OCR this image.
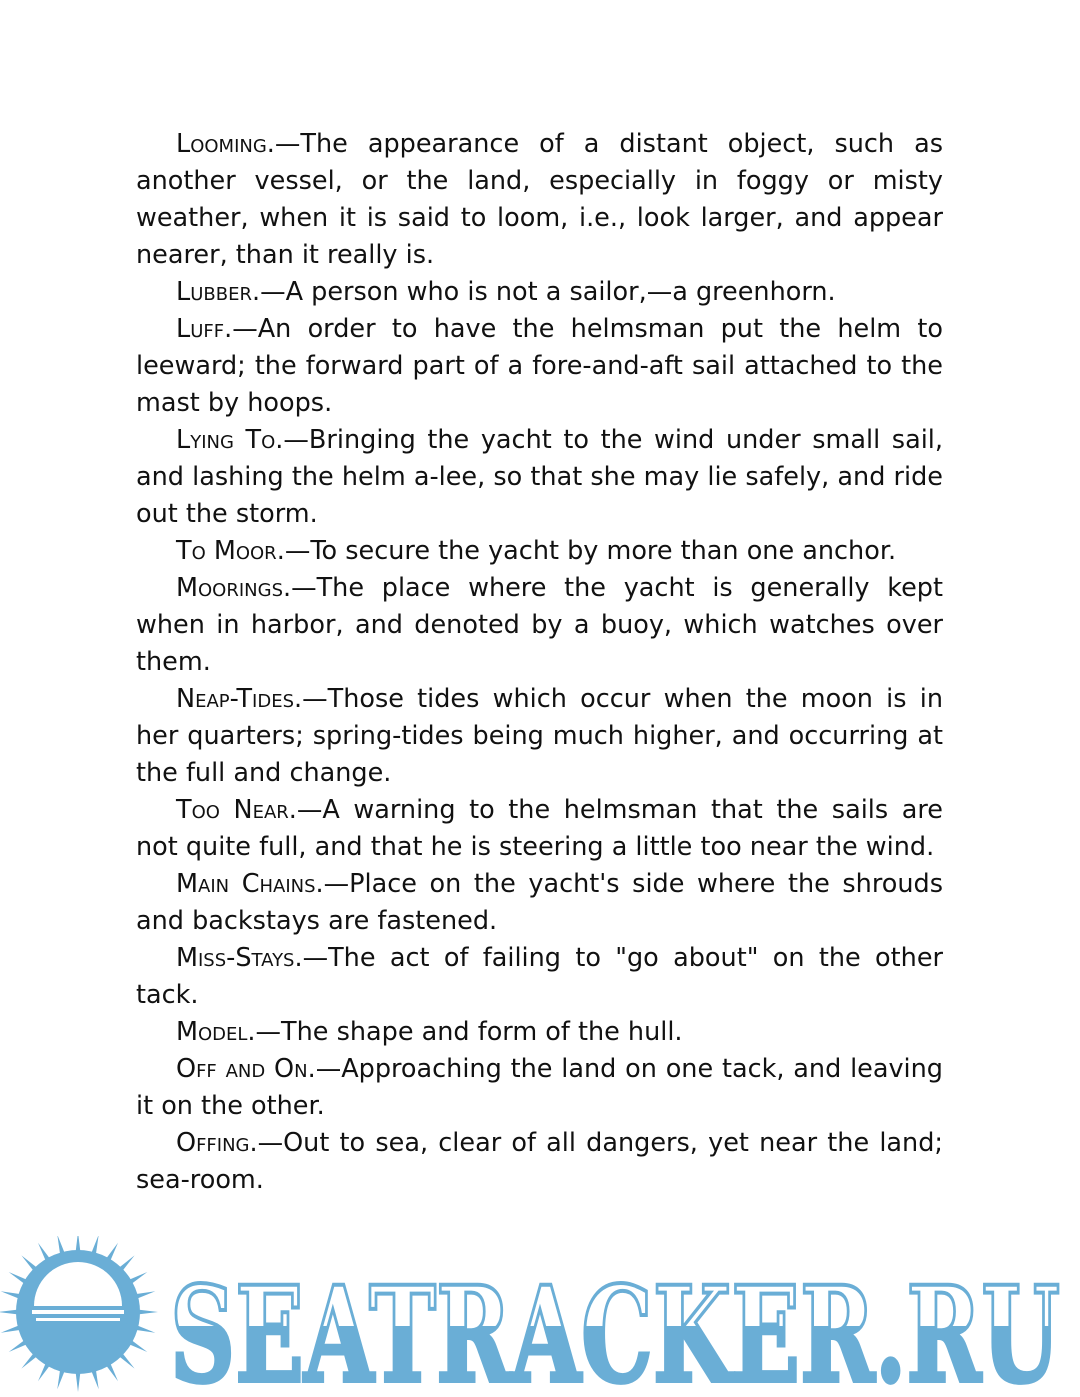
Looming.—The appearance of a distant object, such as another vessel, or the land, especially in foggy or misty weather, when it is said to loom, i.e., look larger, and appear nearer, than it really is.

Lubber.—A person who is not a sailor,—a greenhorn.

Luff.—An order to have the helmsman put the helm to leeward; the forward part of a fore-and-aft sail attached to the mast by hoops.

Lying To.—Bringing the yacht to the wind under small sail, and lashing the helm a-lee, so that she may lie safely, and ride out the storm.

To Moor.—To secure the yacht by more than one anchor.

Moorings.—The place where the yacht is generally kept when in harbor, and denoted by a buoy, which watches over them.

Neap-Tides.—Those tides which occur when the moon is in her quarters; spring-tides being much higher, and occurring at the full and change.

Too Near.—A warning to the helmsman that the sails are not quite full, and that he is steering a little too near the wind.

Main Chains.—Place on the yacht's side where the shrouds and backstays are fastened.

Miss-Stays.—The act of failing to "go about" on the other tack.

Model.—The shape and form of the hull.

Off and On.—Approaching the land on one tack, and leaving it on the other.

Offing.—Out to sea, clear of all dangers, yet near the land; sea-room.

SEATRACKER.RU
